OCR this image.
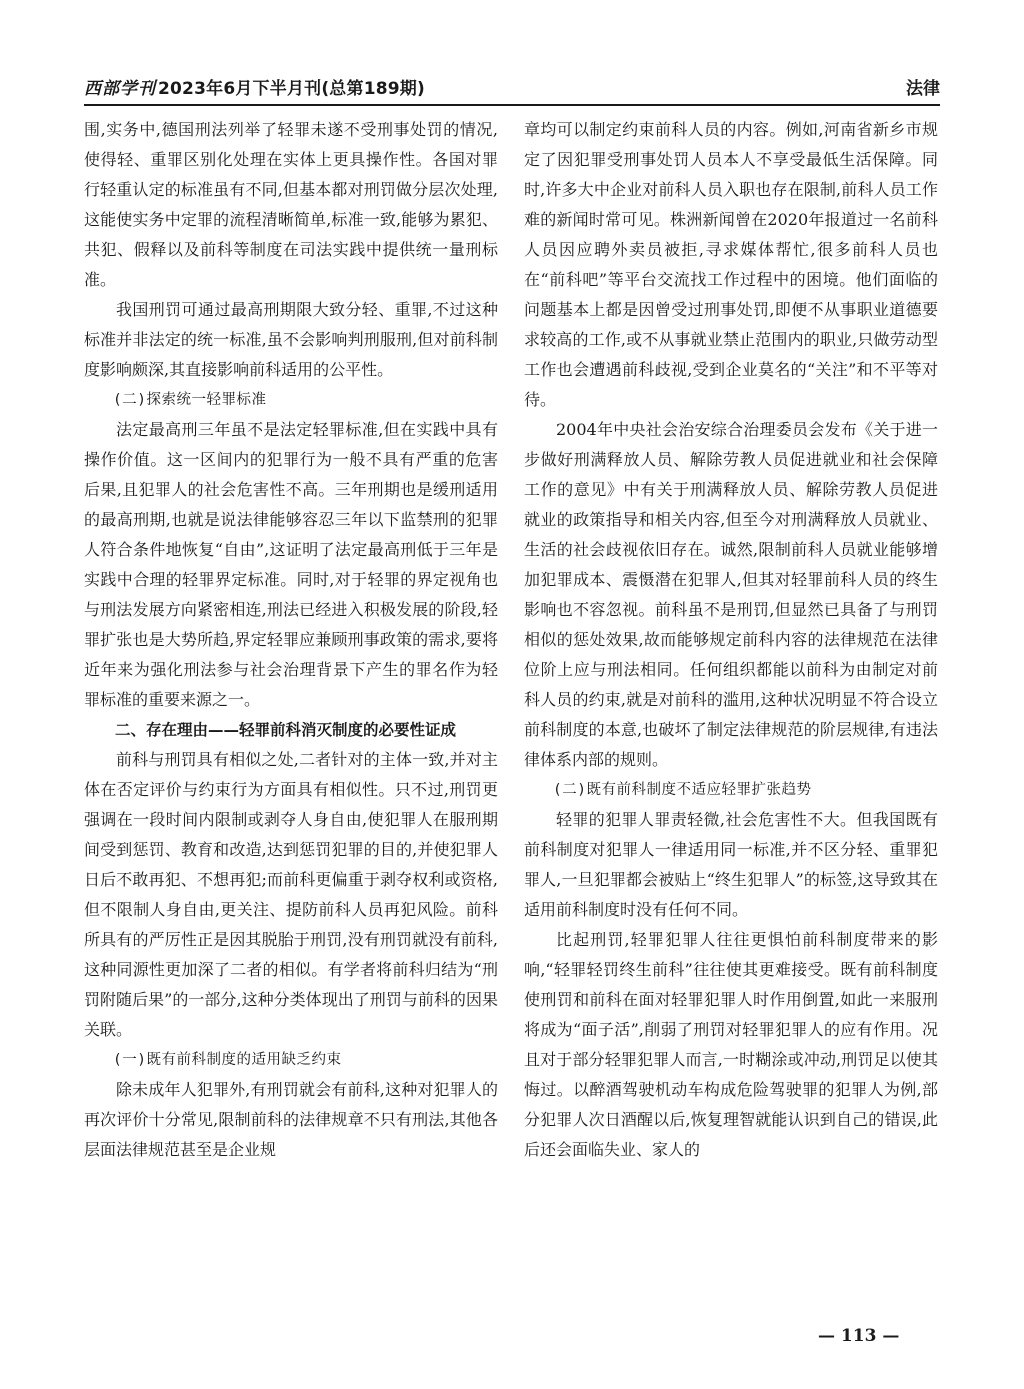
西部学刊 2023年6月下半月刊(总第189期)	法律

围,实务中,德国刑法列举了轻罪未遂不受刑事处罚的情况,使得轻、重罪区别化处理在实体上更具操作性。各国对罪行轻重认定的标准虽有不同,但基本都对刑罚做分层次处理,这能使实务中定罪的流程清晰简单,标准一致,能够为累犯、共犯、假释以及前科等制度在司法实践中提供统一量刑标准。

我国刑罚可通过最高刑期限大致分轻、重罪,不过这种标准并非法定的统一标准,虽不会影响判刑服刑,但对前科制度影响颇深,其直接影响前科适用的公平性。

(二)探索统一轻罪标准

法定最高刑三年虽不是法定轻罪标准,但在实践中具有操作价值。这一区间内的犯罪行为一般不具有严重的危害后果,且犯罪人的社会危害性不高。三年刑期也是缓刑适用的最高刑期,也就是说法律能够容忍三年以下监禁刑的犯罪人符合条件地恢复“自由”,这证明了法定最高刑低于三年是实践中合理的轻罪界定标准。同时,对于轻罪的界定视角也与刑法发展方向紧密相连,刑法已经进入积极发展的阶段,轻罪扩张也是大势所趋,界定轻罪应兼顾刑事政策的需求,要将近年来为强化刑法参与社会治理背景下产生的罪名作为轻罪标准的重要来源之一。

二、存在理由——轻罪前科消灭制度的必要性证成

前科与刑罚具有相似之处,二者针对的主体一致,并对主体在否定评价与约束行为方面具有相似性。只不过,刑罚更强调在一段时间内限制或剥夺人身自由,使犯罪人在服刑期间受到惩罚、教育和改造,达到惩罚犯罪的目的,并使犯罪人日后不敢再犯、不想再犯;而前科更偏重于剥夺权利或资格,但不限制人身自由,更关注、提防前科人员再犯风险。前科所具有的严厉性正是因其脱胎于刑罚,没有刑罚就没有前科,这种同源性更加深了二者的相似。有学者将前科归结为“刑罚附随后果”的一部分,这种分类体现出了刑罚与前科的因果关联。

(一)既有前科制度的适用缺乏约束

除未成年人犯罪外,有刑罚就会有前科,这种对犯罪人的再次评价十分常见,限制前科的法律规章不只有刑法,其他各层面法律规范甚至是企业规

章均可以制定约束前科人员的内容。例如,河南省新乡市规定了因犯罪受刑事处罚人员本人不享受最低生活保障。同时,许多大中企业对前科人员入职也存在限制,前科人员工作难的新闻时常可见。株洲新闻曾在2020年报道过一名前科人员因应聘外卖员被拒,寻求媒体帮忙,很多前科人员也在“前科吧”等平台交流找工作过程中的困境。他们面临的问题基本上都是因曾受过刑事处罚,即便不从事职业道德要求较高的工作,或不从事就业禁止范围内的职业,只做劳动型工作也会遭遇前科歧视,受到企业莫名的“关注”和不平等对待。

2004年中央社会治安综合治理委员会发布《关于进一步做好刑满释放人员、解除劳教人员促进就业和社会保障工作的意见》中有关于刑满释放人员、解除劳教人员促进就业的政策指导和相关内容,但至今对刑满释放人员就业、生活的社会歧视依旧存在。诚然,限制前科人员就业能够增加犯罪成本、震慑潜在犯罪人,但其对轻罪前科人员的终生影响也不容忽视。前科虽不是刑罚,但显然已具备了与刑罚相似的惩处效果,故而能够规定前科内容的法律规范在法律位阶上应与刑法相同。任何组织都能以前科为由制定对前科人员的约束,就是对前科的滥用,这种状况明显不符合设立前科制度的本意,也破坏了制定法律规范的阶层规律,有违法律体系内部的规则。

(二)既有前科制度不适应轻罪扩张趋势

轻罪的犯罪人罪责轻微,社会危害性不大。但我国既有前科制度对犯罪人一律适用同一标准,并不区分轻、重罪犯罪人,一旦犯罪都会被贴上“终生犯罪人”的标签,这导致其在适用前科制度时没有任何不同。

比起刑罚,轻罪犯罪人往往更惧怕前科制度带来的影响,“轻罪轻罚终生前科”往往使其更难接受。既有前科制度使刑罚和前科在面对轻罪犯罪人时作用倒置,如此一来服刑将成为“面子活”,削弱了刑罚对轻罪犯罪人的应有作用。况且对于部分轻罪犯罪人而言,一时糊涂或冲动,刑罚足以使其悔过。以醉酒驾驶机动车构成危险驾驶罪的犯罪人为例,部分犯罪人次日酒醒以后,恢复理智就能认识到自己的错误,此后还会面临失业、家人的

— 113 —
